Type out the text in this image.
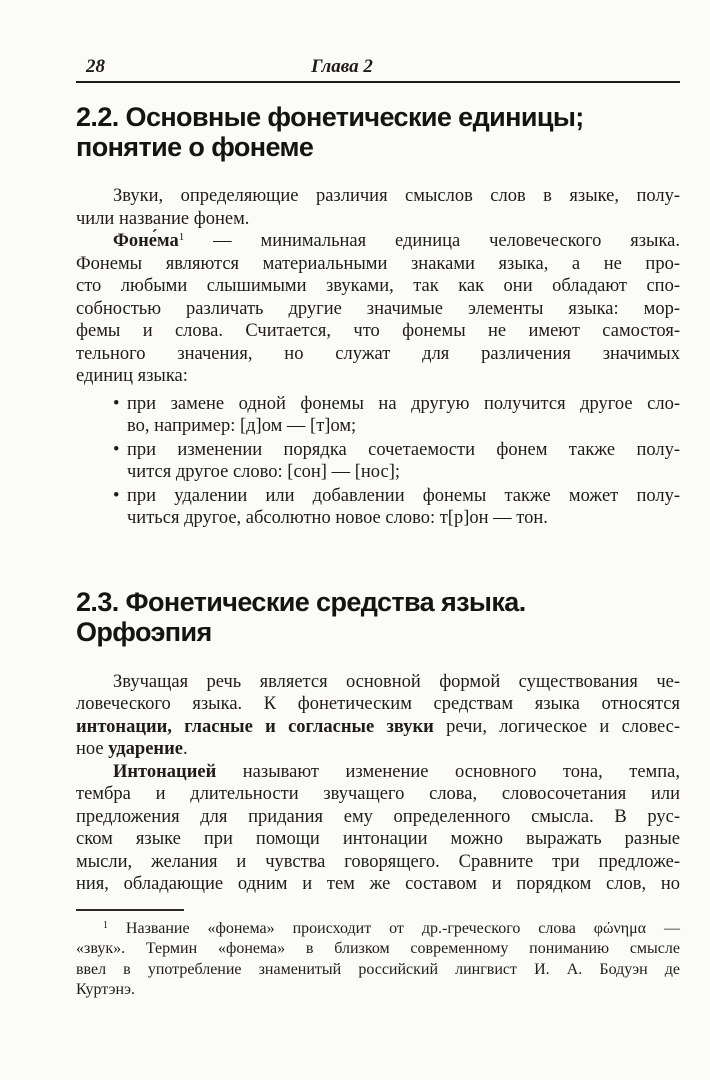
28	Глава 2
2.2. Основные фонетические единицы;
понятие о фонеме
Звуки, определяющие различия смыслов слов в языке, полу-
чили название фонем.
$Фоне́ма^1$ — минимальная единица человеческого языка.
Фонемы являются материальными знаками языка, а не про-
сто любыми слышимыми звуками, так как они обладают спо-
собностью различать другие значимые элементы языка: мор-
фемы и слова. Считается, что фонемы не имеют самостоя-
тельного значения, но служат для различения значимых
единиц языка:
• при замене одной фонемы на другую получится другое сло-
во, например: [д]ом — [т]ом;
• при изменении порядка сочетаемости фонем также полу-
чится другое слово: [сон] — [нос];
• при удалении или добавлении фонемы также может полу-
читься другое, абсолютно новое слово: т[р]он — тон.
2.3. Фонетические средства языка.
Орфоэпия
Звучащая речь является основной формой существования че-
ловеческого языка. К фонетическим средствам языка относятся
интонации, гласные и согласные звуки речи, логическое и словес-
ное ударение.
Интонацией называют изменение основного тона, темпа,
тембра и длительности звучащего слова, словосочетания или
предложения для придания ему определенного смысла. В рус-
ском языке при помощи интонации можно выражать разные
мысли, желания и чувства говорящего. Сравните три предложе-
ния, обладающие одним и тем же составом и порядком слов, но
$^1$ Название «фонема» происходит от др.-греческого слова φώνημα —
«звук». Термин «фонема» в близком современному пониманию смысле
ввел в употребление знаменитый российский лингвист И. А. Бодуэн де
Куртэнэ.
